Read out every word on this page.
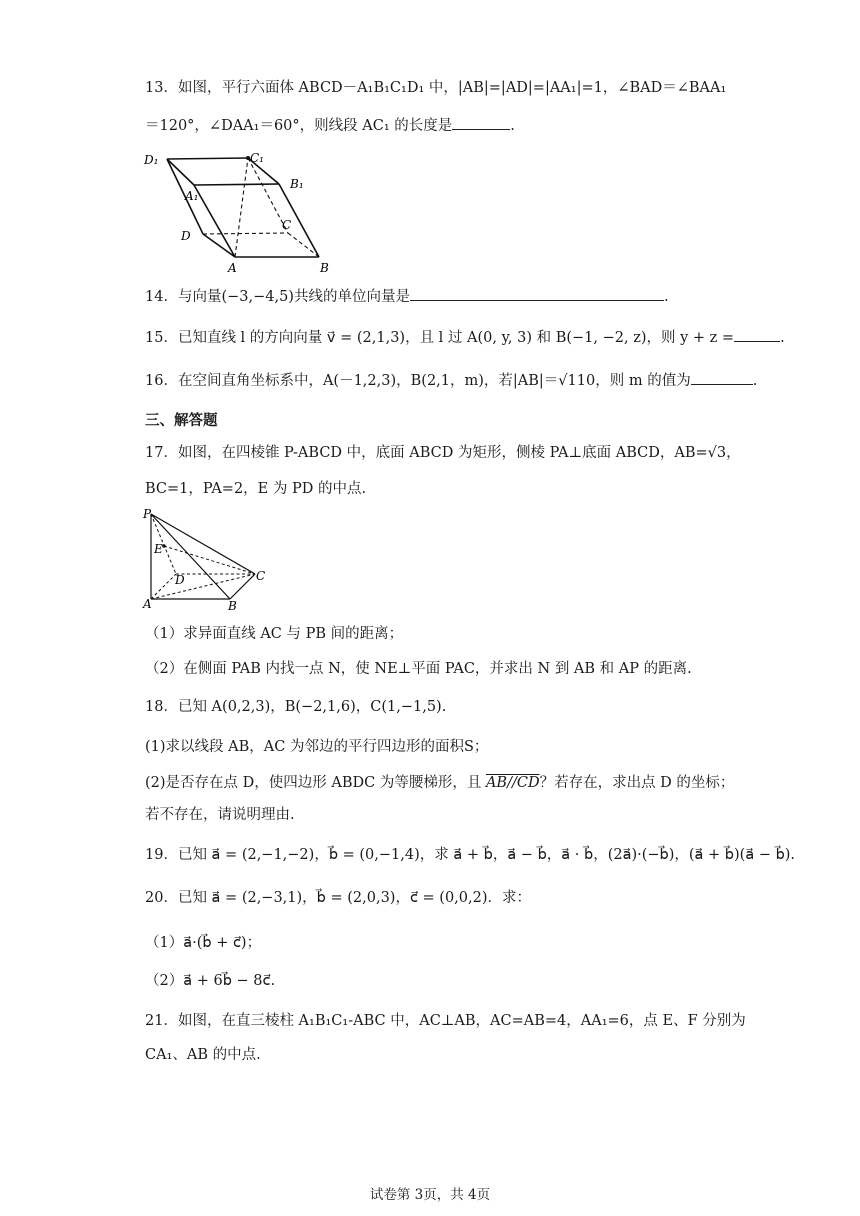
13．如图，平行六面体 ABCD－A₁B₁C₁D₁ 中，|AB|=|AD|=|AA₁|=1，∠BAD＝∠BAA₁
＝120°，∠DAA₁＝60°，则线段 AC₁ 的长度是	.
D₁	C₁
A₁
B₁
D
C
A	B
14．与向量(−3,−4,5)共线的单位向量是	.
15．已知直线 l 的方向向量 v⃗ = (2,1,3)，且 l 过 A(0, y, 3) 和 B(−1, −2, z)，则 y + z =	.
16．在空间直角坐标系中，A(－1,2,3)，B(2,1，m)，若|AB|＝√110，则 m 的值为	.
三、解答题
17．如图，在四棱锥 P-ABCD 中，底面 ABCD 为矩形，侧棱 PA⊥底面 ABCD，AB=√3，
BC=1，PA=2，E 为 PD 的中点.
P
E
D	C
A	B
（1）求异面直线 AC 与 PB 间的距离；
（2）在侧面 PAB 内找一点 N，使 NE⊥平面 PAC，并求出 N 到 AB 和 AP 的距离.
18．已知 A(0,2,3)，B(−2,1,6)，C(1,−1,5).
(1)求以线段 AB，AC 为邻边的平行四边形的面积S；
(2)是否存在点 D，使四边形 ABDC 为等腰梯形，且 AB//CD？若存在，求出点 D 的坐标；
若不存在，请说明理由.
19．已知 a⃗ = (2,−1,−2)，b⃗ = (0,−1,4)，求 a⃗ + b⃗，a⃗ − b⃗，a⃗ · b⃗，(2a⃗)·(−b⃗)，(a⃗ + b⃗)(a⃗ − b⃗).
20．已知 a⃗ = (2,−3,1)，b⃗ = (2,0,3)，c⃗ = (0,0,2)．求：
（1）a⃗·(b⃗ + c⃗)；
（2）a⃗ + 6b⃗ − 8c⃗.
21．如图，在直三棱柱 A₁B₁C₁-ABC 中，AC⊥AB，AC=AB=4，AA₁=6，点 E、F 分别为
CA₁、AB 的中点.
试卷第 3页，共 4页
